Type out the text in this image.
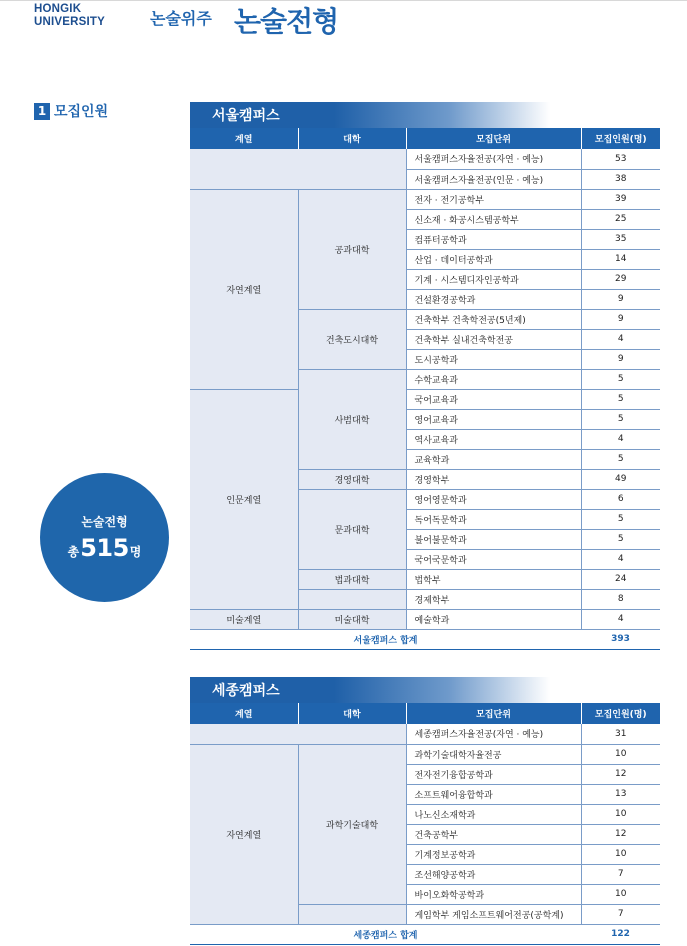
HONGIK
UNIVERSITY	논술위주 논술전형
1 모집인원
논술전형
총 515 명
서울캠퍼스
계열	대학	모집단위	모집인원(명)
		서울캠퍼스자율전공(자연 · 예능)	53
		서울캠퍼스자율전공(인문 · 예능)	38
자연계열	공과대학	전자 · 전기공학부	39
		신소재 · 화공시스템공학부	25
		컴퓨터공학과	35
		산업 · 데이터공학과	14
		기계 · 시스템디자인공학과	29
		건설환경공학과	9
	건축도시대학	건축학부 건축학전공(5년제)	9
		건축학부 실내건축학전공	4
		도시공학과	9
	사범대학	수학교육과	5
인문계열		국어교육과	5
		영어교육과	5
		역사교육과	4
		교육학과	5
	경영대학	경영학부	49
	문과대학	영어영문학과	6
		독어독문학과	5
		불어불문학과	5
		국어국문학과	4
	법과대학	법학부	24
		경제학부	8
미술계열	미술대학	예술학과	4
서울캠퍼스 합계			393
세종캠퍼스
계열	대학	모집단위	모집인원(명)
		세종캠퍼스자율전공(자연 · 예능)	31
자연계열	과학기술대학	과학기술대학자율전공	10
		전자전기융합공학과	12
		소프트웨어융합학과	13
		나노신소재학과	10
		건축공학부	12
		기계정보공학과	10
		조선해양공학과	7
		바이오화학공학과	10
		게임학부 게임소프트웨어전공(공학계)	7
세종캠퍼스 합계			122
